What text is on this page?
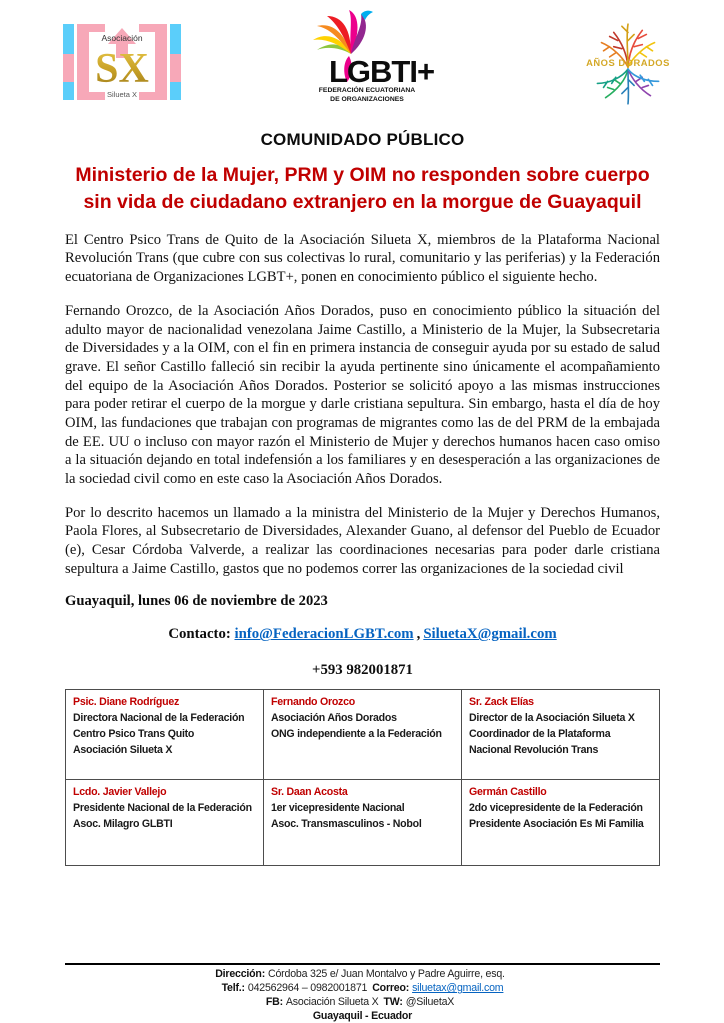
Asociación
SX
Silueta X
LGBTI+
FEDERACIÓN ECUATORIANA
DE ORGANIZACIONES
AÑOS DORADOS
COMUNIDADO PÚBLICO
Ministerio de la Mujer, PRM y OIM no responden sobre cuerpo sin vida de ciudadano extranjero en la morgue de Guayaquil

El Centro Psico Trans de Quito de la Asociación Silueta X, miembros de la Plataforma Nacional Revolución Trans (que cubre con sus colectivas lo rural, comunitario y las periferias) y la Federación ecuatoriana de Organizaciones LGBT+, ponen en conocimiento público el siguiente hecho.

Fernando Orozco, de la Asociación Años Dorados, puso en conocimiento público la situación del adulto mayor de nacionalidad venezolana Jaime Castillo, a Ministerio de la Mujer, la Subsecretaria de Diversidades y a la OIM, con el fin en primera instancia de conseguir ayuda por su estado de salud grave. El señor Castillo falleció sin recibir la ayuda pertinente sino únicamente el acompañamiento del equipo de la Asociación Años Dorados. Posterior se solicitó apoyo a las mismas instrucciones para poder retirar el cuerpo de la morgue y darle cristiana sepultura. Sin embargo, hasta el día de hoy OIM, las fundaciones que trabajan con programas de migrantes como las de del PRM de la embajada de EE. UU o incluso con mayor razón el Ministerio de Mujer y derechos humanos hacen caso omiso a la situación dejando en total indefensión a los familiares y en desesperación a las organizaciones de la sociedad civil como en este caso la Asociación Años Dorados.

Por lo descrito hacemos un llamado a la ministra del Ministerio de la Mujer y Derechos Humanos, Paola Flores, al Subsecretario de Diversidades, Alexander Guano, al defensor del Pueblo de Ecuador (e), Cesar Córdoba Valverde, a realizar las coordinaciones necesarias para poder darle cristiana sepultura a Jaime Castillo, gastos que no podemos correr las organizaciones de la sociedad civil

Guayaquil, lunes 06 de noviembre de 2023
Contacto: info@FederacionLGBT.com , SiluetaX@gmail.com
+593 982001871
Psic. Diane Rodríguez
Directora Nacional de la Federación
Centro Psico Trans Quito
Asociación Silueta X

Fernando Orozco
Asociación Años Dorados
ONG independiente a la Federación

Sr. Zack Elías
Director de la Asociación Silueta X
Coordinador de la Plataforma
Nacional Revolución Trans

Lcdo. Javier Vallejo
Presidente Nacional de la Federación
Asoc. Milagro GLBTI

Sr. Daan Acosta
1er vicepresidente Nacional
Asoc. Transmasculinos - Nobol

Germán Castillo
2do vicepresidente de la Federación
Presidente Asociación Es Mi Familia
Dirección: Córdoba 325 e/ Juan Montalvo y Padre Aguirre, esq.
Telf.: 042562964 – 0982001871 Correo: siluetax@gmail.com
FB: Asociación Silueta X TW: @SiluetaX
Guayaquil - Ecuador
